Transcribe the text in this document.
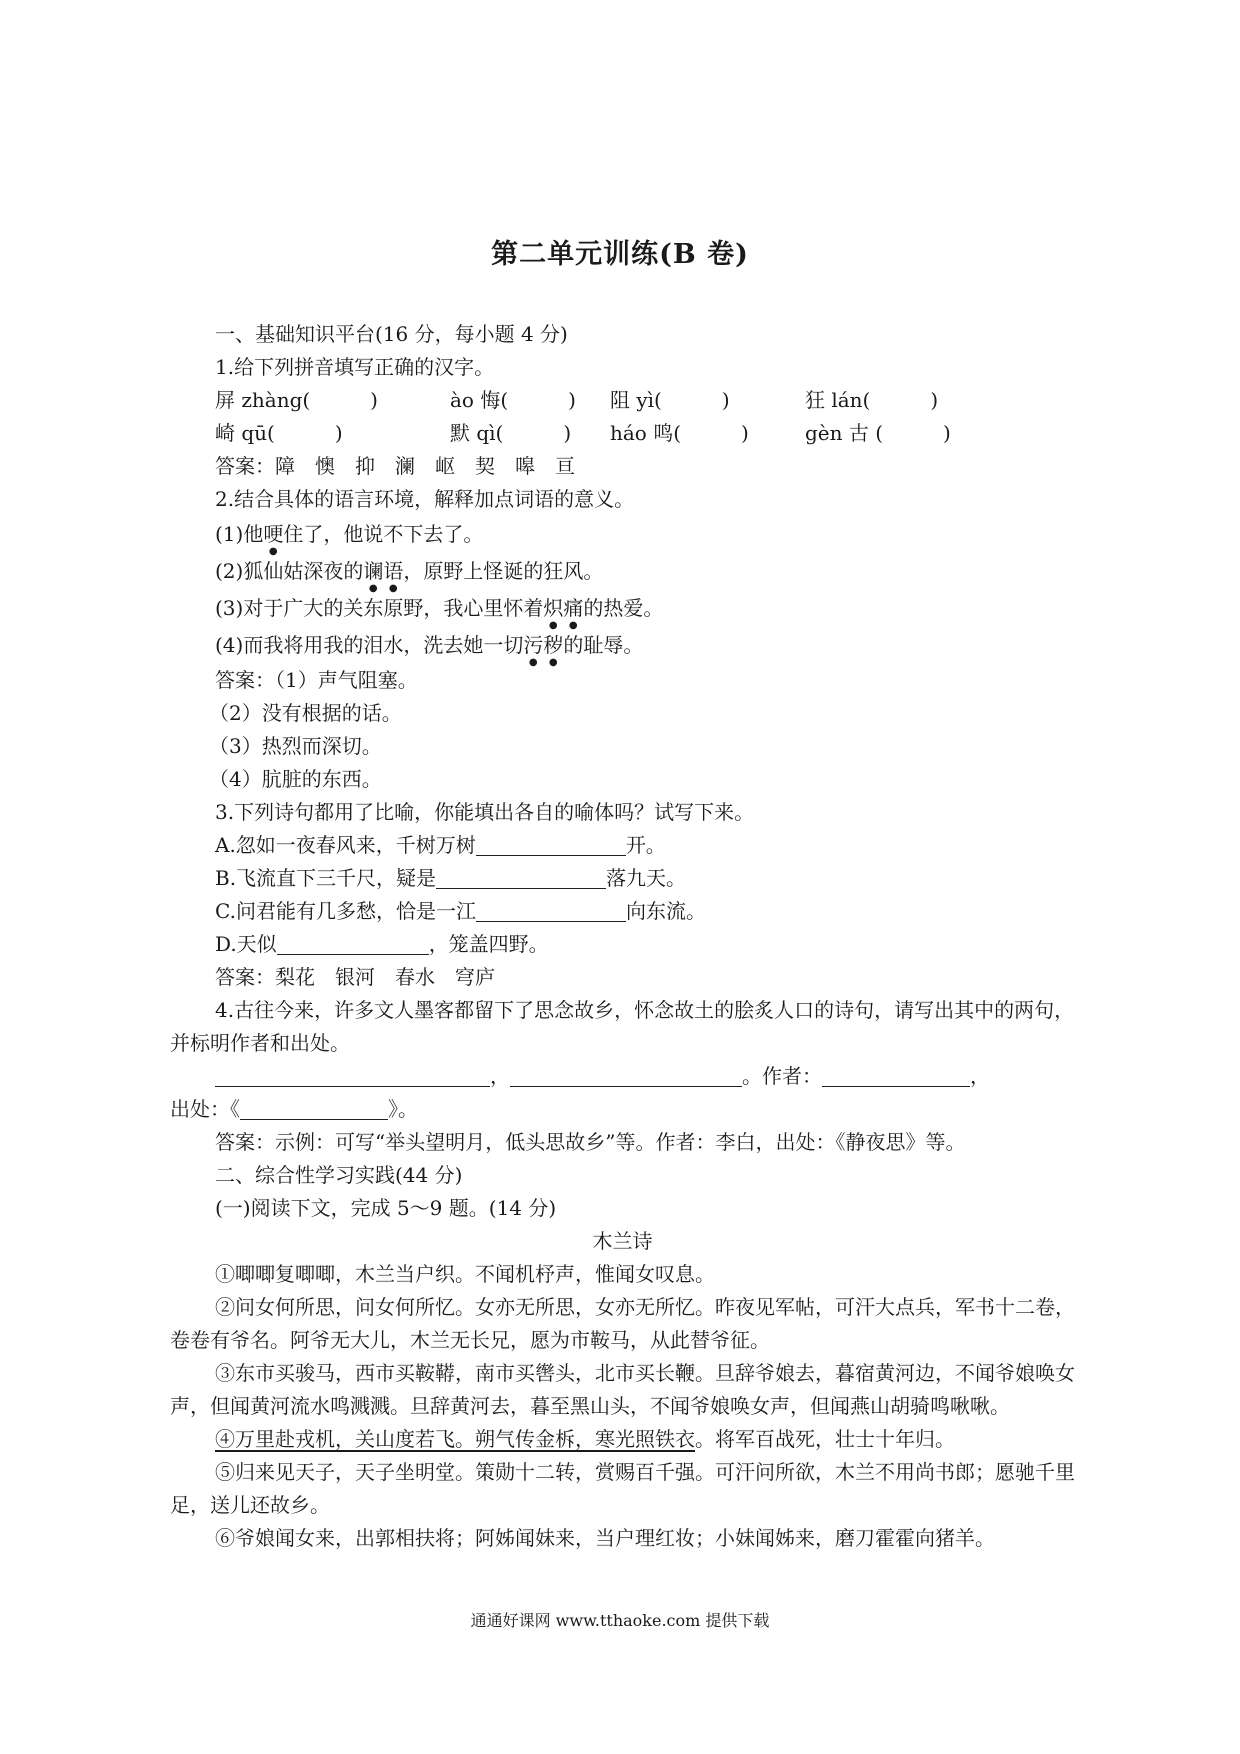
第二单元训练(B 卷)
一、基础知识平台(16 分，每小题 4 分)
1.给下列拼音填写正确的汉字。
屏 zhàng(　　　)	ào 悔(　　　)	阻 yì(　　　)	狂 lán(　　　)
崎 qū(　　　)	默 qì(　　　)	háo 鸣(　　　)	gèn 古 (　　　)
答案：障　懊　抑　澜　岖　契　嗥　亘
2.结合具体的语言环境，解释加点词语的意义。
(1)他哽住了，他说不下去了。
(2)狐仙姑深夜的谰语，原野上怪诞的狂风。
(3)对于广大的关东原野，我心里怀着炽痛的热爱。
(4)而我将用我的泪水，洗去她一切污秽的耻辱。
答案：（1）声气阻塞。
（2）没有根据的话。
（3）热烈而深切。
（4）肮脏的东西。
3.下列诗句都用了比喻，你能填出各自的喻体吗？试写下来。
A.忽如一夜春风来，千树万树	开。
B.飞流直下三千尺，疑是	落九天。
C.问君能有几多愁，恰是一江	向东流。
D.天似	，笼盖四野。
答案：梨花　银河　春水　穹庐
4.古往今来，许多文人墨客都留下了思念故乡，怀念故土的脍炙人口的诗句，请写出其中的两句，并标明作者和出处。
，	。作者：	，
出处：《	》。
答案：示例：可写“举头望明月，低头思故乡”等。作者：李白，出处：《静夜思》等。
二、综合性学习实践(44 分)
(一)阅读下文，完成 5～9 题。(14 分)
木兰诗
①唧唧复唧唧，木兰当户织。不闻机杼声，惟闻女叹息。
②问女何所思，问女何所忆。女亦无所思，女亦无所忆。昨夜见军帖，可汗大点兵，军书十二卷，卷卷有爷名。阿爷无大儿，木兰无长兄，愿为市鞍马，从此替爷征。
③东市买骏马，西市买鞍鞯，南市买辔头，北市买长鞭。旦辞爷娘去，暮宿黄河边，不闻爷娘唤女声，但闻黄河流水鸣溅溅。旦辞黄河去，暮至黑山头，不闻爷娘唤女声，但闻燕山胡骑鸣啾啾。
④万里赴戎机，关山度若飞。朔气传金柝，寒光照铁衣。将军百战死，壮士十年归。
⑤归来见天子，天子坐明堂。策勋十二转，赏赐百千强。可汗问所欲，木兰不用尚书郎；愿驰千里足，送儿还故乡。
⑥爷娘闻女来，出郭相扶将；阿姊闻妹来，当户理红妆；小妹闻姊来，磨刀霍霍向猪羊。
通通好课网 www.tthaoke.com 提供下载
